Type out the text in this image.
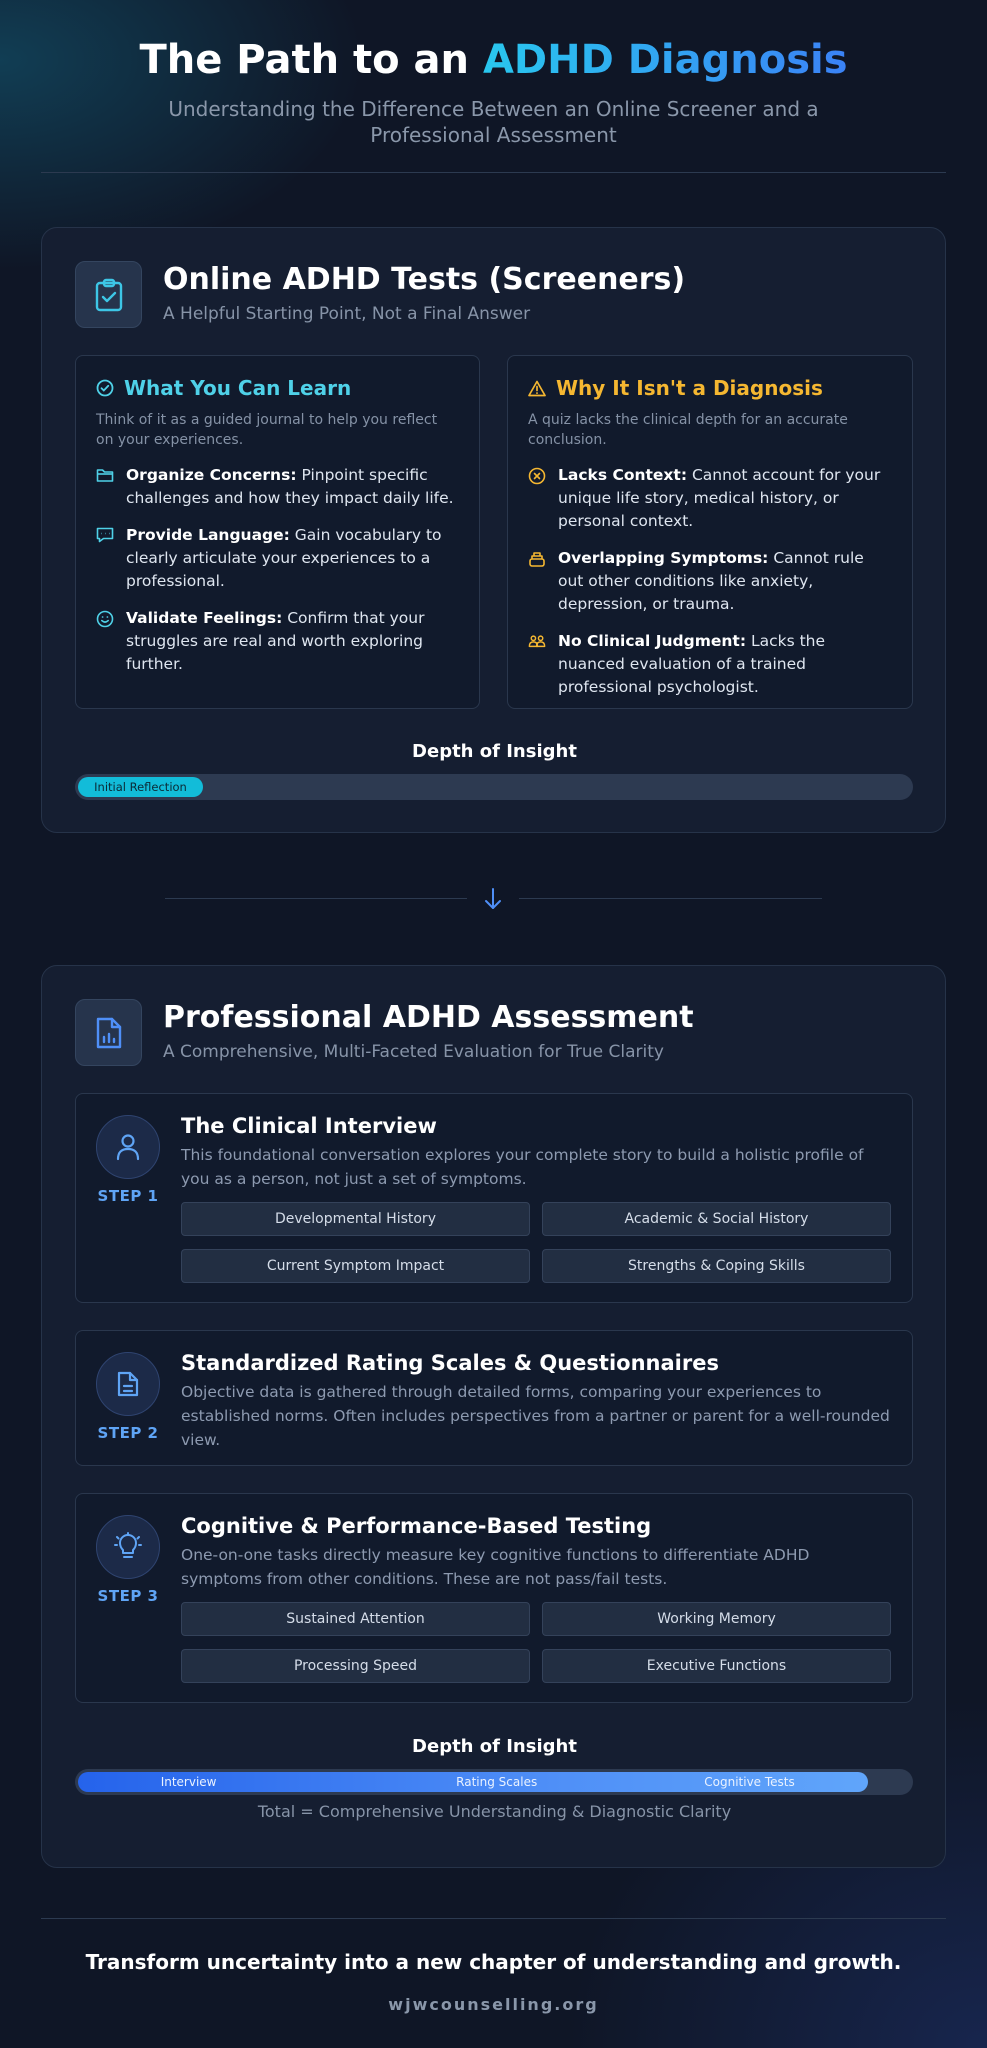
The Path to an ADHD Diagnosis
Understanding the Difference Between an Online Screener and a Professional Assessment
Online ADHD Tests (Screeners)
A Helpful Starting Point, Not a Final Answer
What You Can Learn
Think of it as a guided journal to help you reflect on your experiences.
Organize Concerns: Pinpoint specific challenges and how they impact daily life.
Provide Language: Gain vocabulary to clearly articulate your experiences to a professional.
Validate Feelings: Confirm that your struggles are real and worth exploring further.
Why It Isn't a Diagnosis
A quiz lacks the clinical depth for an accurate conclusion.
Lacks Context: Cannot account for your unique life story, medical history, or personal context.
Overlapping Symptoms: Cannot rule out other conditions like anxiety, depression, or trauma.
No Clinical Judgment: Lacks the nuanced evaluation of a trained professional psychologist.
Depth of Insight
Initial Reflection
Professional ADHD Assessment
A Comprehensive, Multi-Faceted Evaluation for True Clarity
STEP 1
The Clinical Interview
This foundational conversation explores your complete story to build a holistic profile of you as a person, not just a set of symptoms.
Developmental History	Academic & Social History
Current Symptom Impact	Strengths & Coping Skills
STEP 2
Standardized Rating Scales & Questionnaires
Objective data is gathered through detailed forms, comparing your experiences to established norms. Often includes perspectives from a partner or parent for a well-rounded view.
STEP 3
Cognitive & Performance-Based Testing
One-on-one tasks directly measure key cognitive functions to differentiate ADHD symptoms from other conditions. These are not pass/fail tests.
Sustained Attention	Working Memory
Processing Speed	Executive Functions
Depth of Insight
Interview	Rating Scales	Cognitive Tests
Total = Comprehensive Understanding & Diagnostic Clarity
Transform uncertainty into a new chapter of understanding and growth.
wjwcounselling.org
